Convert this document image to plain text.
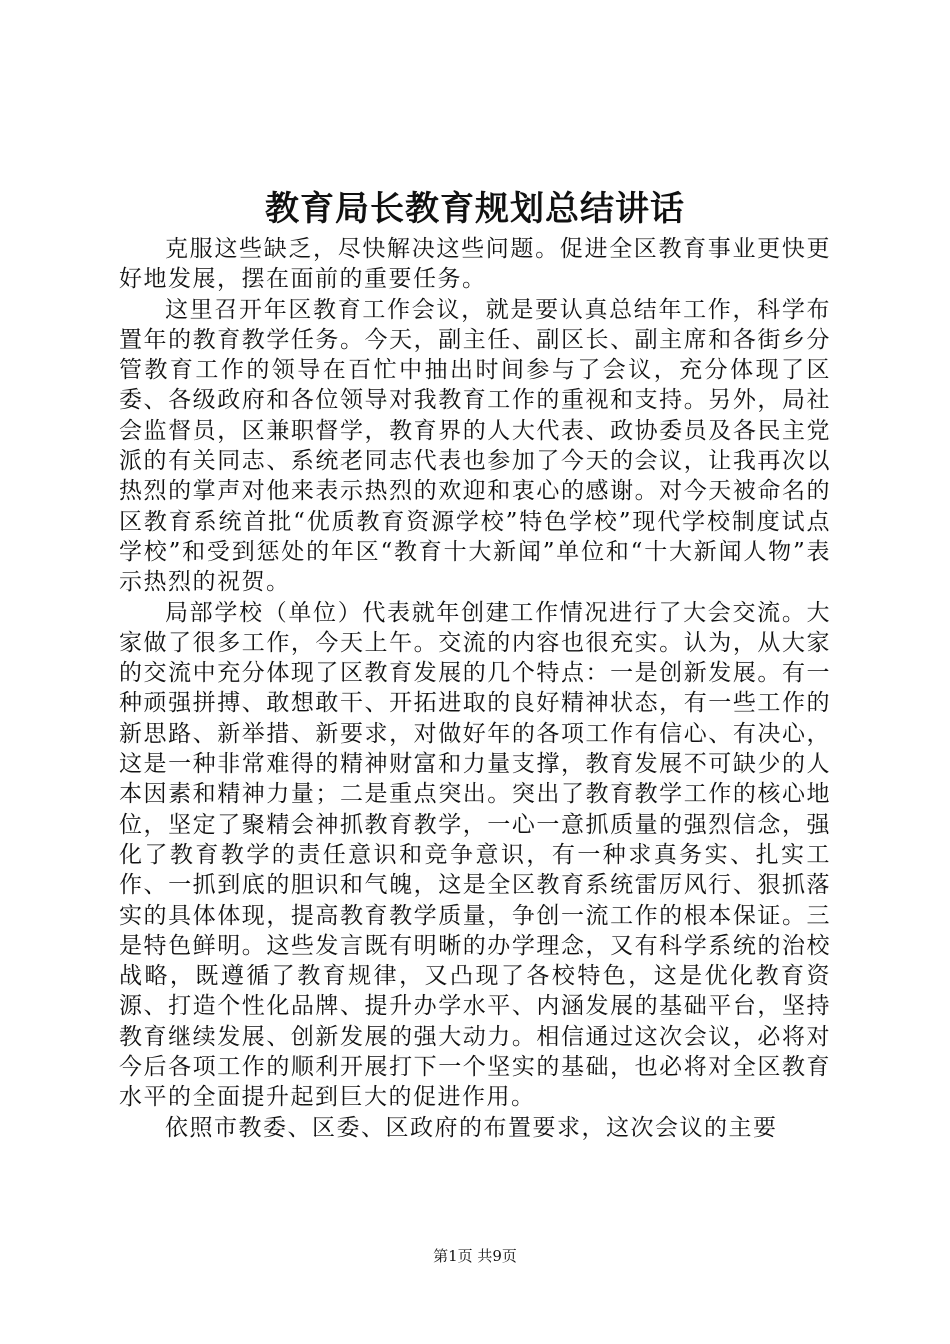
教育局长教育规划总结讲话

克服这些缺乏，尽快解决这些问题。促进全区教育事业更快更好地发展，摆在面前的重要任务。

这里召开年区教育工作会议，就是要认真总结年工作，科学布置年的教育教学任务。今天，副主任、副区长、副主席和各街乡分管教育工作的领导在百忙中抽出时间参与了会议，充分体现了区委、各级政府和各位领导对我教育工作的重视和支持。另外，局社会监督员，区兼职督学，教育界的人大代表、政协委员及各民主党派的有关同志、系统老同志代表也参加了今天的会议，让我再次以热烈的掌声对他来表示热烈的欢迎和衷心的感谢。对今天被命名的区教育系统首批“优质教育资源学校”特色学校”现代学校制度试点学校”和受到惩处的年区“教育十大新闻”单位和“十大新闻人物”表示热烈的祝贺。

局部学校（单位）代表就年创建工作情况进行了大会交流。大家做了很多工作，今天上午。交流的内容也很充实。认为，从大家的交流中充分体现了区教育发展的几个特点：一是创新发展。有一种顽强拼搏、敢想敢干、开拓进取的良好精神状态，有一些工作的新思路、新举措、新要求，对做好年的各项工作有信心、有决心，这是一种非常难得的精神财富和力量支撑，教育发展不可缺少的人本因素和精神力量；二是重点突出。突出了教育教学工作的核心地位，坚定了聚精会神抓教育教学，一心一意抓质量的强烈信念，强化了教育教学的责任意识和竞争意识，有一种求真务实、扎实工作、一抓到底的胆识和气魄，这是全区教育系统雷厉风行、狠抓落实的具体体现，提高教育教学质量，争创一流工作的根本保证。三是特色鲜明。这些发言既有明晰的办学理念，又有科学系统的治校战略，既遵循了教育规律，又凸现了各校特色，这是优化教育资源、打造个性化品牌、提升办学水平、内涵发展的基础平台，坚持教育继续发展、创新发展的强大动力。相信通过这次会议，必将对今后各项工作的顺利开展打下一个坚实的基础，也必将对全区教育水平的全面提升起到巨大的促进作用。

依照市教委、区委、区政府的布置要求，这次会议的主要

第1页 共9页
